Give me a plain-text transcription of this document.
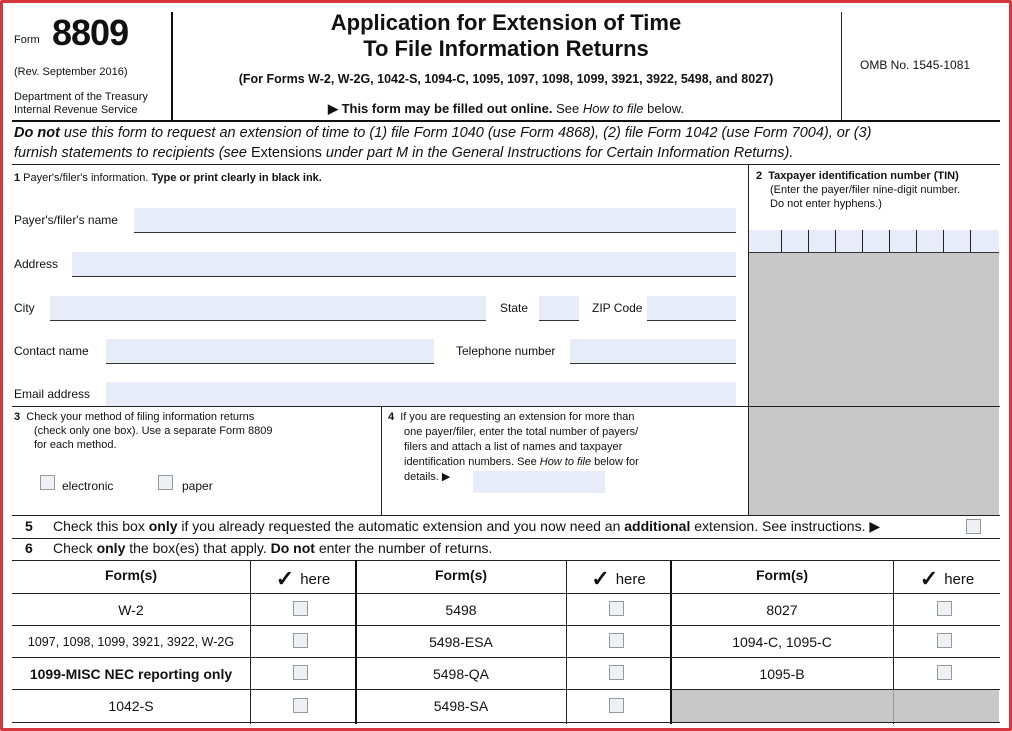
Form 8809
(Rev. September 2016)
Department of the Treasury
Internal Revenue Service
Application for Extension of Time
To File Information Returns
(For Forms W-2, W-2G, 1042-S, 1094-C, 1095, 1097, 1098, 1099, 3921, 3922, 5498, and 8027)
▶ This form may be filled out online. See How to file below.
OMB No. 1545-1081
Do not use this form to request an extension of time to (1) file Form 1040 (use Form 4868), (2) file Form 1042 (use Form 7004), or (3)
furnish statements to recipients (see Extensions under part M in the General Instructions for Certain Information Returns).
1 Payer's/filer's information. Type or print clearly in black ink.
Payer's/filer's name
Address
City	State	ZIP Code
Contact name	Telephone number
Email address
2 Taxpayer identification number (TIN)
(Enter the payer/filer nine-digit number.
Do not enter hyphens.)
3 Check your method of filing information returns
(check only one box). Use a separate Form 8809
for each method.
electronic	paper
4 If you are requesting an extension for more than
one payer/filer, enter the total number of payers/
filers and attach a list of names and taxpayer
identification numbers. See How to file below for
details. ▶
5 Check this box only if you already requested the automatic extension and you now need an additional extension. See instructions. ▶
6 Check only the box(es) that apply. Do not enter the number of returns.
Form(s)	✓ here	Form(s)	✓ here	Form(s)	✓ here
W-2	5498	8027
1097, 1098, 1099, 3921, 3922, W-2G	5498-ESA	1094-C, 1095-C
1099-MISC NEC reporting only	5498-QA	1095-B
1042-S	5498-SA
